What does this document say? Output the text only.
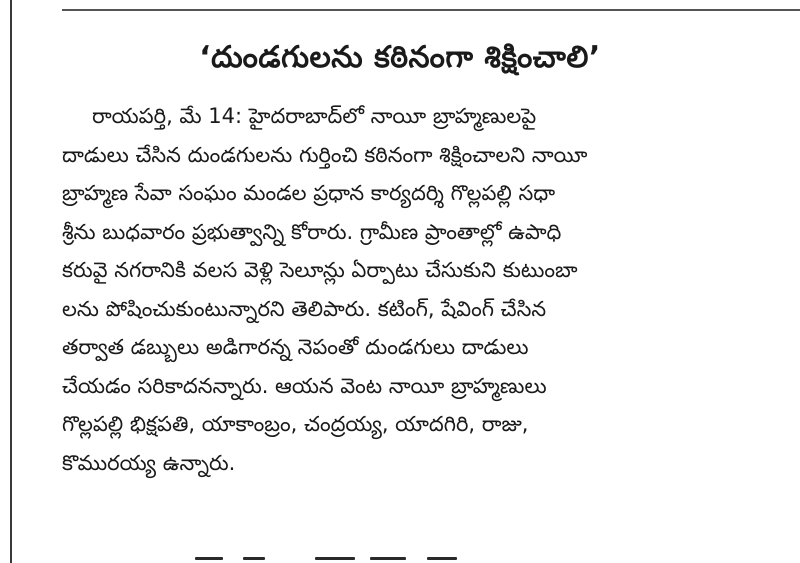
‘దుండగులను కఠినంగా శిక్షించాలి’
రాయపర్తి, మే 14: హైదరాబాద్‌లో నాయీ బ్రాహ్మణులపై
దాడులు చేసిన దుండగులను గుర్తించి కఠినంగా శిక్షించాలని నాయీ
బ్రాహ్మణ సేవా సంఘం మండల ప్రధాన కార్యదర్శి గొల్లపల్లి సధా
శ్రీను బుధవారం ప్రభుత్వాన్ని కోరారు. గ్రామీణ ప్రాంతాల్లో ఉపాధి
కరువై నగరానికి వలస వెళ్లి సెలూన్లు ఏర్పాటు చేసుకుని కుటుంబా
లను పోషించుకుంటున్నారని తెలిపారు. కటింగ్, షేవింగ్ చేసిన
తర్వాత డబ్బులు అడిగారన్న నెపంతో దుండగులు దాడులు
చేయడం సరికాదనన్నారు. ఆయన వెంట నాయీ బ్రాహ్మణులు
గొల్లపల్లి భిక్షపతి, యాకాంబ్రం, చంద్రయ్య, యాదగిరి, రాజు,
కొమురయ్య ఉన్నారు.
